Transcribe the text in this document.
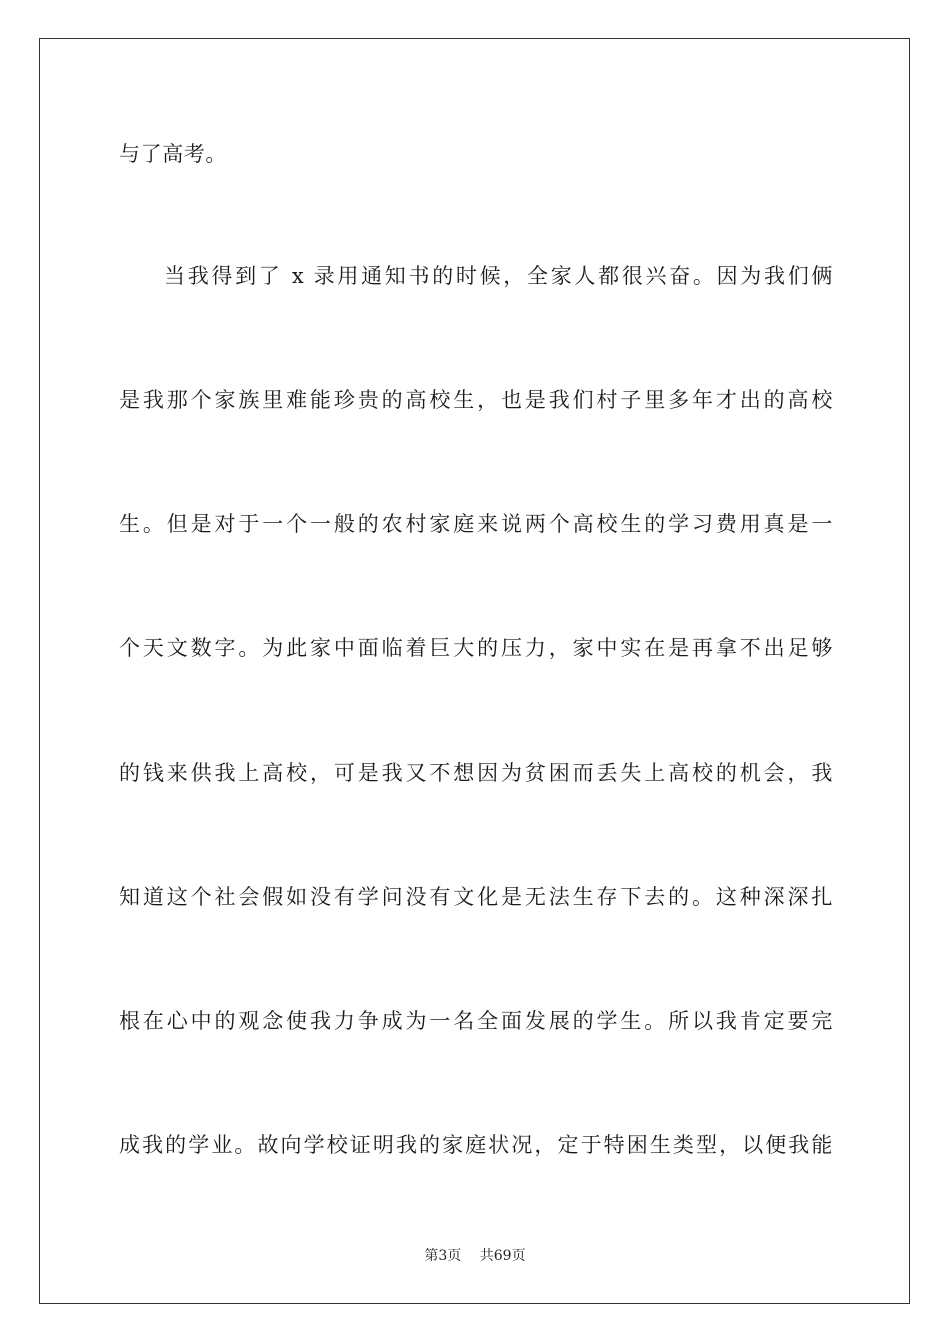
与了高考。
当我得到了 x 录用通知书的时候，全家人都很兴奋。因为我们俩
是我那个家族里难能珍贵的高校生，也是我们村子里多年才出的高校
生。但是对于一个一般的农村家庭来说两个高校生的学习费用真是一
个天文数字。为此家中面临着巨大的压力，家中实在是再拿不出足够
的钱来供我上高校，可是我又不想因为贫困而丢失上高校的机会，我
知道这个社会假如没有学问没有文化是无法生存下去的。这种深深扎
根在心中的观念使我力争成为一名全面发展的学生。所以我肯定要完
成我的学业。故向学校证明我的家庭状况，定于特困生类型，以便我能
第3页 共69页
